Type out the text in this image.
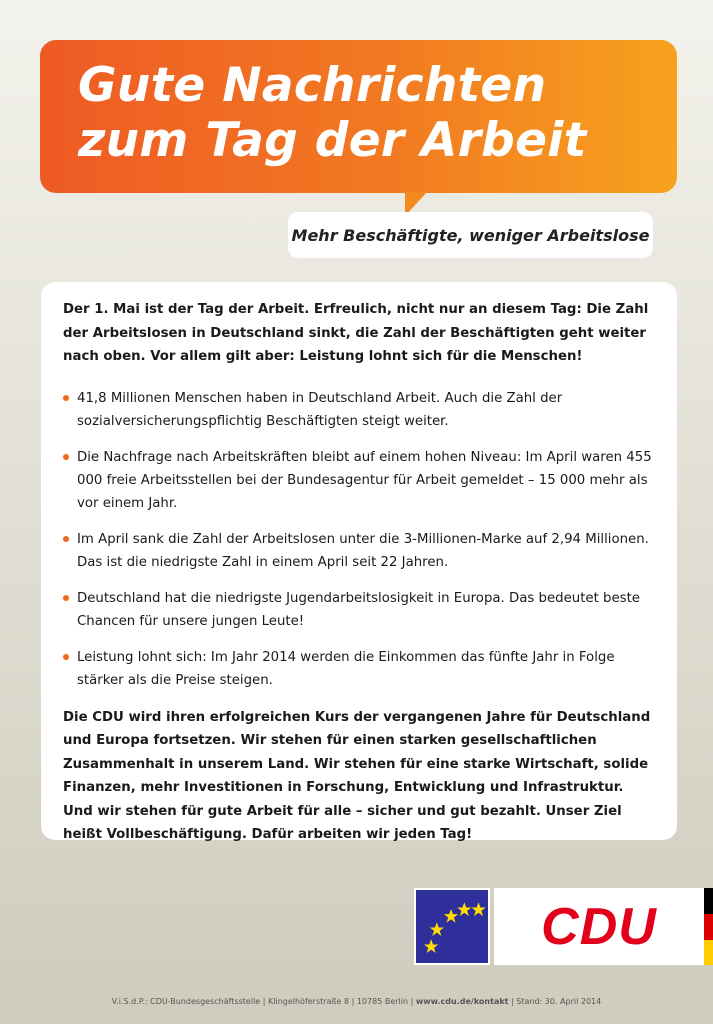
Gute Nachrichten
zum Tag der Arbeit
Mehr Beschäftigte, weniger Arbeitslose

Der 1. Mai ist der Tag der Arbeit. Erfreulich, nicht nur an diesem Tag: Die Zahl der Arbeitslosen in Deutschland sinkt, die Zahl der Beschäftigten geht weiter nach oben. Vor allem gilt aber: Leistung lohnt sich für die Menschen!

41,8 Millionen Menschen haben in Deutschland Arbeit. Auch die Zahl der sozialversicherungspflichtig Beschäftigten steigt weiter.
Die Nachfrage nach Arbeitskräften bleibt auf einem hohen Niveau: Im April waren 455 000 freie Arbeitsstellen bei der Bundesagentur für Arbeit gemeldet – 15 000 mehr als vor einem Jahr.
Im April sank die Zahl der Arbeitslosen unter die 3-Millionen-Marke auf 2,94 Millionen. Das ist die niedrigste Zahl in einem April seit 22 Jahren.
Deutschland hat die niedrigste Jugendarbeitslosigkeit in Europa. Das bedeutet beste Chancen für unsere jungen Leute!
Leistung lohnt sich: Im Jahr 2014 werden die Einkommen das fünfte Jahr in Folge stärker als die Preise steigen.

Die CDU wird ihren erfolgreichen Kurs der vergangenen Jahre für Deutschland und Europa fortsetzen. Wir stehen für einen starken gesellschaftlichen Zusammenhalt in unserem Land. Wir stehen für eine starke Wirtschaft, solide Finanzen, mehr Investitionen in Forschung, Entwicklung und Infrastruktur. Und wir stehen für gute Arbeit für alle – sicher und gut bezahlt. Unser Ziel heißt Vollbeschäftigung. Dafür arbeiten wir jeden Tag!

CDU
V.i.S.d.P.: CDU-Bundesgeschäftsstelle | Klingelhöferstraße 8 | 10785 Berlin | www.cdu.de/kontakt | Stand: 30. April 2014
